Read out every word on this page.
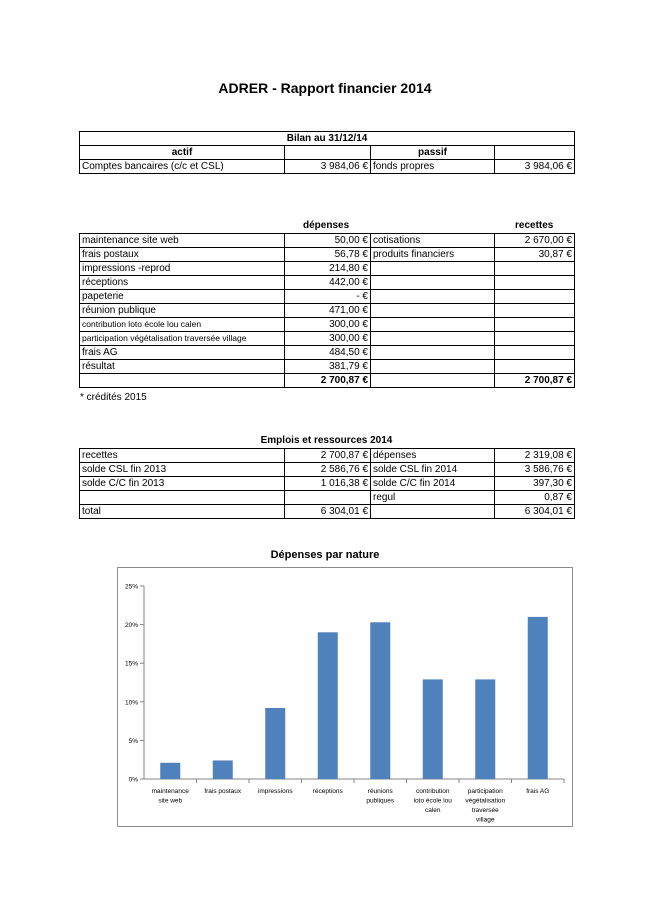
ADRER - Rapport financier 2014
Bilan au 31/12/14			
actif		passif	
Comptes bancaires (c/c et CSL)	3 984,06 €	fonds propres	3 984,06 €
dépenses	recettes
maintenance site web	50,00 €	cotisations	2 670,00 €
frais postaux	56,78 €	produits financiers	30,87 €
impressions -reprod	214,80 €		
réceptions	442,00 €		
papeterie	- €		
réunion publique	471,00 €		
contribution loto école lou calen	300,00 €		
participation végétalisation traversée village	300,00 €		
frais AG	484,50 €		
résultat	381,79 €		
	2 700,87 €		2 700,87 €
* crédités 2015
Emplois et ressources 2014
recettes	2 700,87 €	dépenses	2 319,08 €
solde CSL fin 2013	2 586,76 €	solde CSL fin 2014	3 586,76 €
solde C/C fin 2013	1 016,38 €	solde C/C fin 2014	397,30 €
		regul	0,87 €
total	6 304,01 €		6 304,01 €
Dépenses par nature
0%
5%
10%
15%
20%
25%
maintenance
site web
frais postaux	impressions	réceptions	réunions
publiques
contribution
loto école lou
calen
participation
végétalisation
traversée
village
frais AG
